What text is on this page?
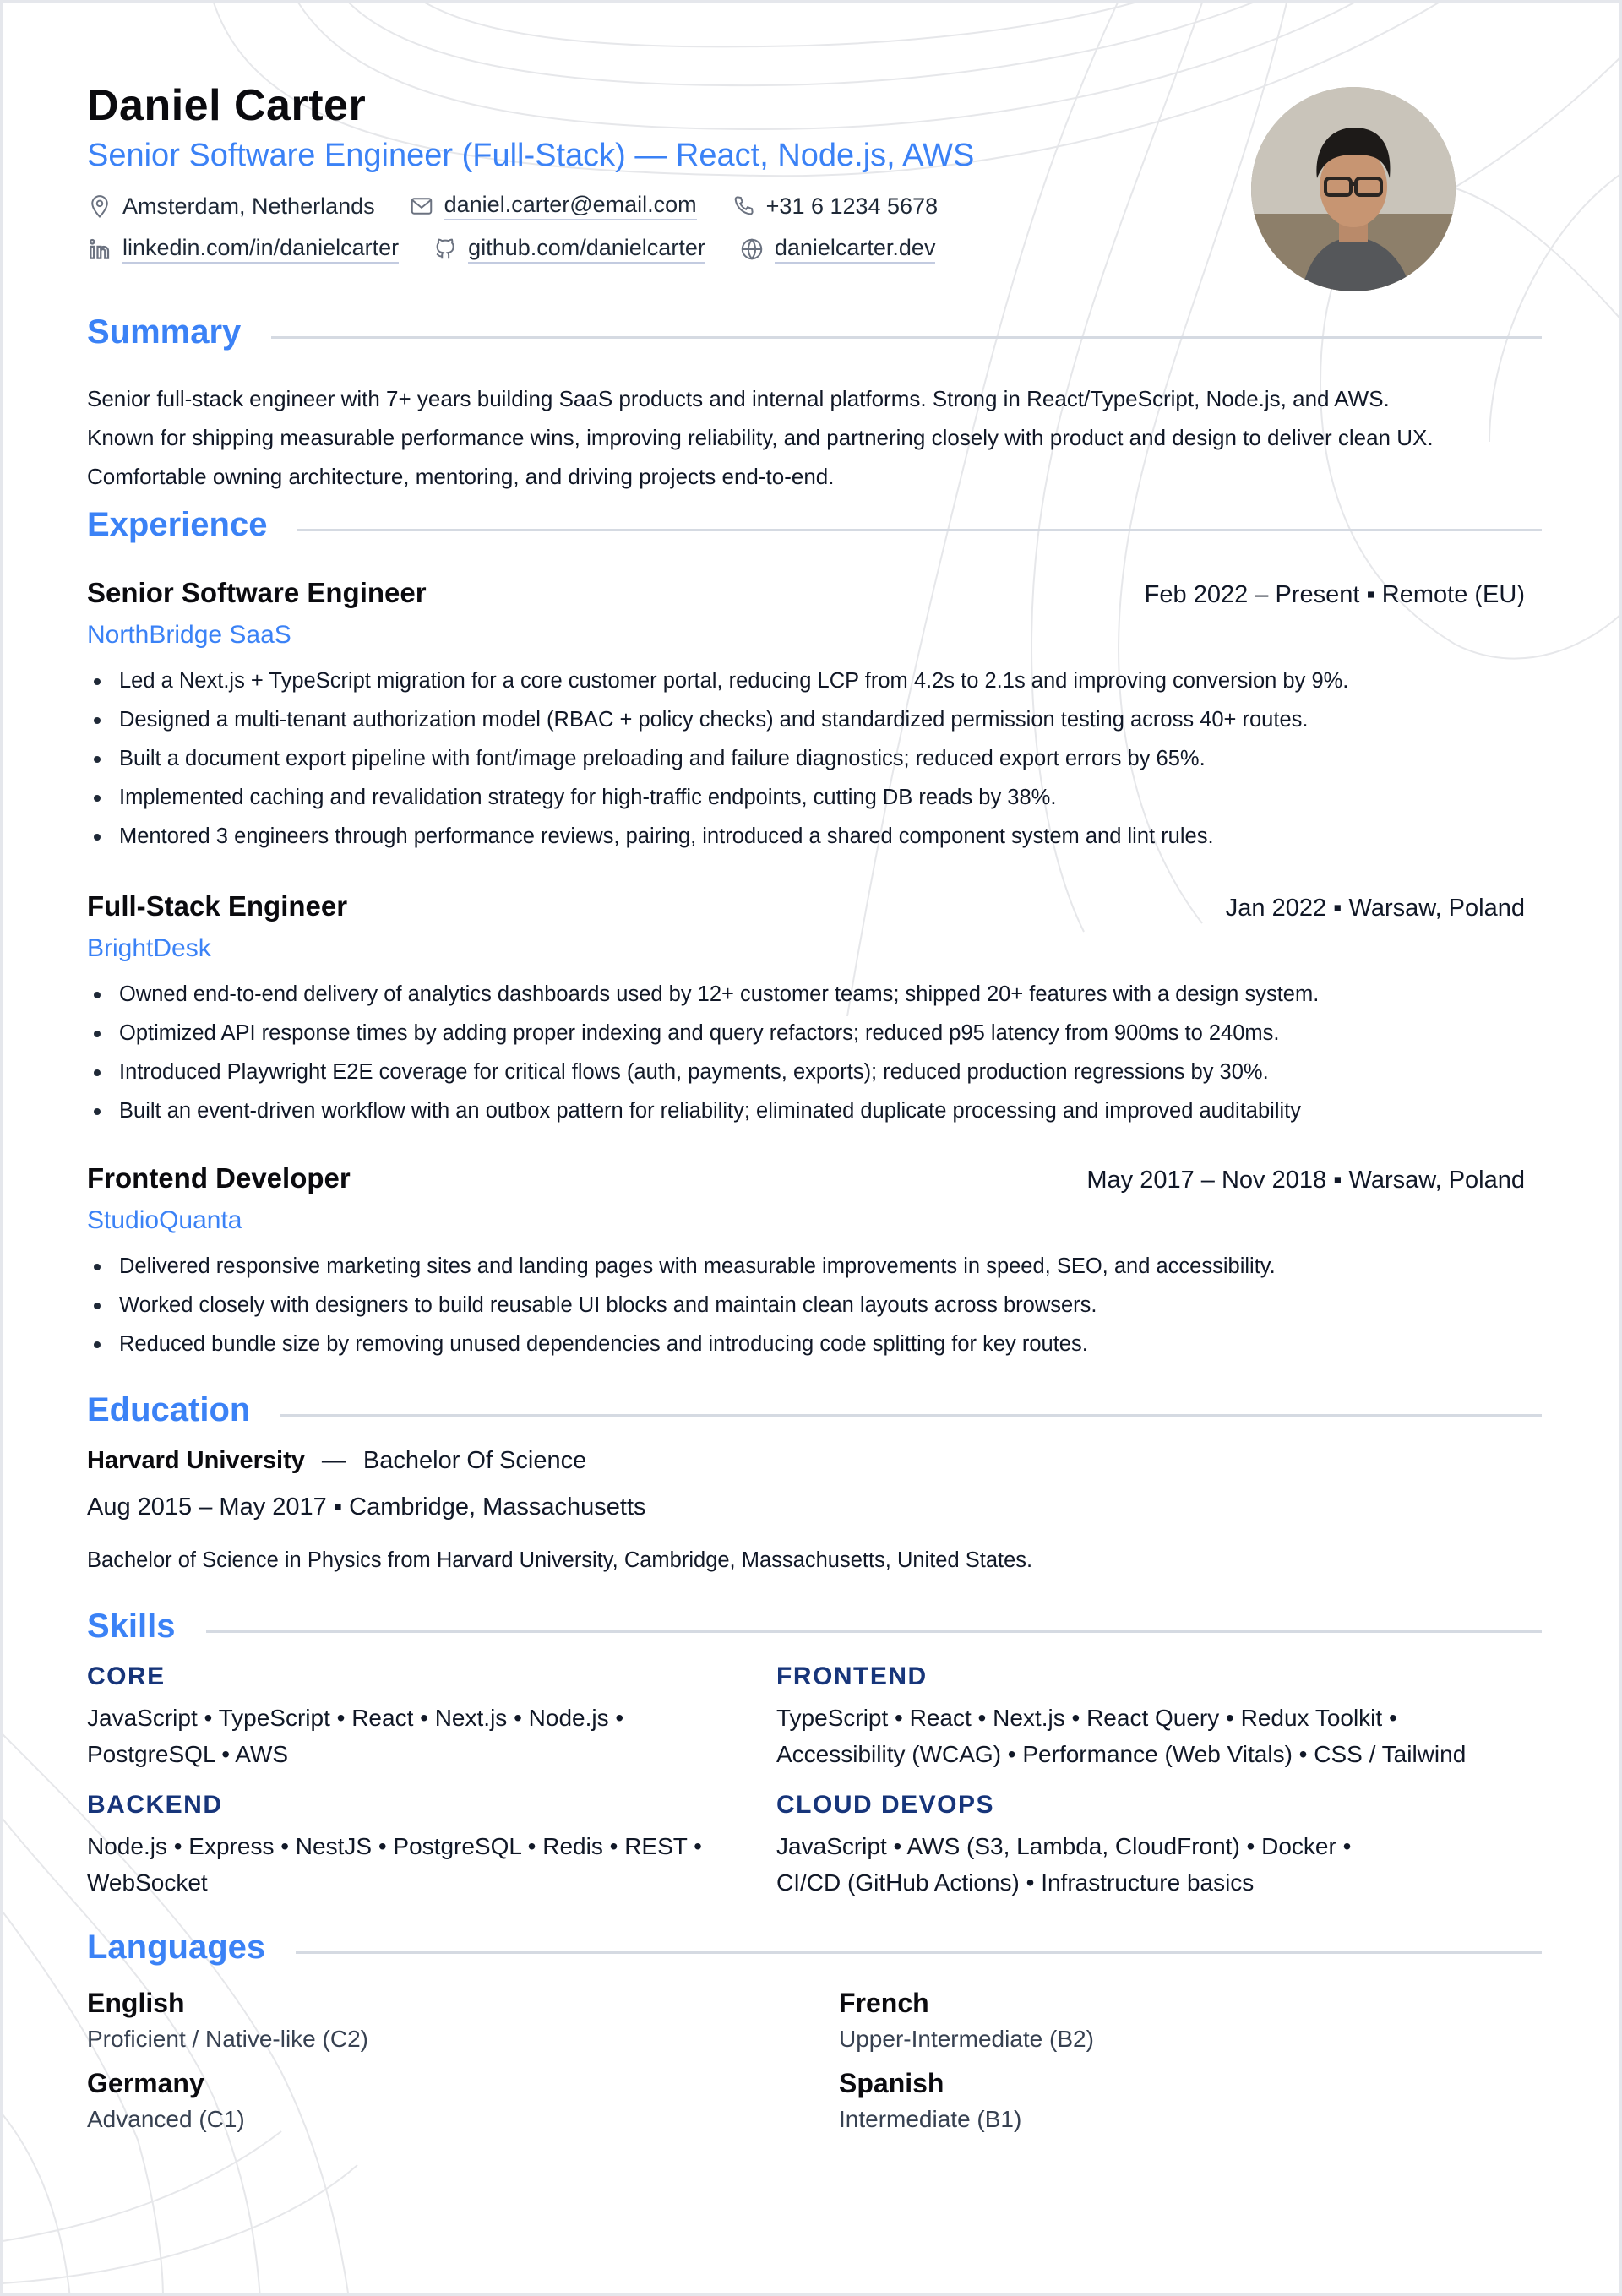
Daniel Carter
Senior Software Engineer (Full-Stack) — React, Node.js, AWS
Amsterdam, Netherlands	daniel.carter@email.com	+31 6 1234 5678
linkedin.com/in/danielcarter	github.com/danielcarter	danielcarter.dev
Summary

Senior full-stack engineer with 7+ years building SaaS products and internal platforms. Strong in React/TypeScript, Node.js, and AWS.

Known for shipping measurable performance wins, improving reliability, and partnering closely with product and design to deliver clean UX.

Comfortable owning architecture, mentoring, and driving projects end-to-end.

Experience
Senior Software Engineer	Feb 2022 – Present ▪ Remote (EU)
NorthBridge SaaS
Led a Next.js + TypeScript migration for a core customer portal, reducing LCP from 4.2s to 2.1s and improving conversion by 9%.
Designed a multi-tenant authorization model (RBAC + policy checks) and standardized permission testing across 40+ routes.
Built a document export pipeline with font/image preloading and failure diagnostics; reduced export errors by 65%.
Implemented caching and revalidation strategy for high-traffic endpoints, cutting DB reads by 38%.
Mentored 3 engineers through performance reviews, pairing, introduced a shared component system and lint rules.
Full-Stack Engineer	Jan 2022 ▪ Warsaw, Poland
BrightDesk
Owned end-to-end delivery of analytics dashboards used by 12+ customer teams; shipped 20+ features with a design system.
Optimized API response times by adding proper indexing and query refactors; reduced p95 latency from 900ms to 240ms.
Introduced Playwright E2E coverage for critical flows (auth, payments, exports); reduced production regressions by 30%.
Built an event-driven workflow with an outbox pattern for reliability; eliminated duplicate processing and improved auditability
Frontend Developer	May 2017 – Nov 2018 ▪ Warsaw, Poland
StudioQuanta
Delivered responsive marketing sites and landing pages with measurable improvements in speed, SEO, and accessibility.
Worked closely with designers to build reusable UI blocks and maintain clean layouts across browsers.
Reduced bundle size by removing unused dependencies and introducing code splitting for key routes.
Education
Harvard University — Bachelor Of Science
Aug 2015 – May 2017 ▪ Cambridge, Massachusetts
Bachelor of Science in Physics from Harvard University, Cambridge, Massachusetts, United States.
Skills
CORE
JavaScript • TypeScript • React • Next.js • Node.js • PostgreSQL • AWS
FRONTEND
TypeScript • React • Next.js • React Query • Redux Toolkit • Accessibility (WCAG) • Performance (Web Vitals) • CSS / Tailwind
BACKEND
Node.js • Express • NestJS • PostgreSQL • Redis • REST • WebSocket
CLOUD DEVOPS
JavaScript • AWS (S3, Lambda, CloudFront) • Docker • CI/CD (GitHub Actions) • Infrastructure basics
Languages
English
Proficient / Native-like (C2)
French
Upper-Intermediate (B2)
Germany
Advanced (C1)
Spanish
Intermediate (B1)
